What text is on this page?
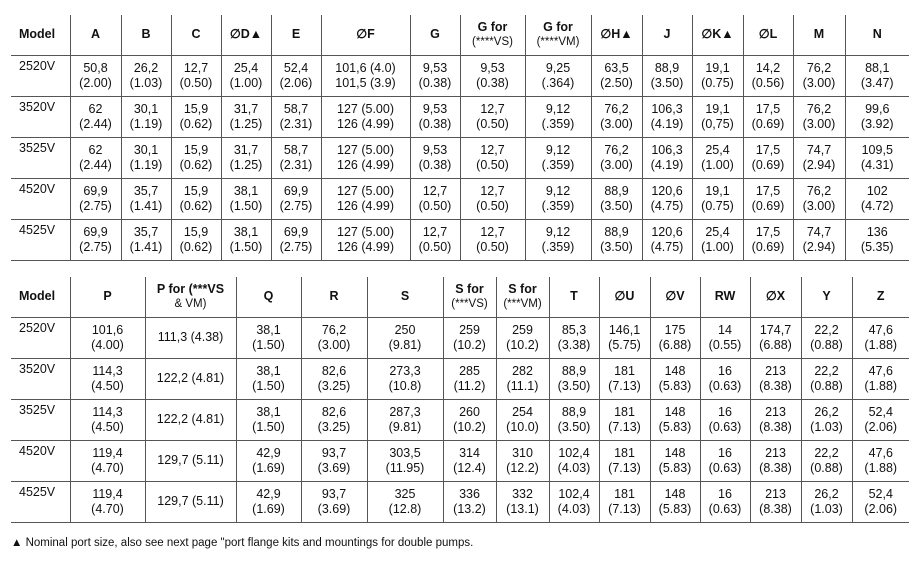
Model	A	B	C	∅D▲	E	∅F	G	G for
(****VS)	G for
(****VM)	∅H▲	J	∅K▲	∅L	M	N

2520V	50,8
(2.00)	26,2
(1.03)	12,7
(0.50)	25,4
(1.00)	52,4
(2.06)	101,6 (4.0)
101,5 (3.9)	9,53
(0.38)	9,53
(0.38)	9,25
(.364)	63,5
(2.50)	88,9
(3.50)	19,1
(0.75)	14,2
(0.56)	76,2
(3.00)	88,1
(3.47)

3520V	62
(2.44)	30,1
(1.19)	15,9
(0.62)	31,7
(1.25)	58,7
(2.31)	127 (5.00)
126 (4.99)	9,53
(0.38)	12,7
(0.50)	9,12
(.359)	76,2
(3.00)	106,3
(4.19)	19,1
(0,75)	17,5
(0.69)	76,2
(3.00)	99,6
(3.92)

3525V	62
(2.44)	30,1
(1.19)	15,9
(0.62)	31,7
(1.25)	58,7
(2.31)	127 (5.00)
126 (4.99)	9,53
(0.38)	12,7
(0.50)	9,12
(.359)	76,2
(3.00)	106,3
(4.19)	25,4
(1.00)	17,5
(0.69)	74,7
(2.94)	109,5
(4.31)

4520V	69,9
(2.75)	35,7
(1.41)	15,9
(0.62)	38,1
(1.50)	69,9
(2.75)	127 (5.00)
126 (4.99)	12,7
(0.50)	12,7
(0.50)	9,12
(.359)	88,9
(3.50)	120,6
(4.75)	19,1
(0.75)	17,5
(0.69)	76,2
(3.00)	102
(4.72)

4525V	69,9
(2.75)	35,7
(1.41)	15,9
(0.62)	38,1
(1.50)	69,9
(2.75)	127 (5.00)
126 (4.99)	12,7
(0.50)	12,7
(0.50)	9,12
(.359)	88,9
(3.50)	120,6
(4.75)	25,4
(1.00)	17,5
(0.69)	74,7
(2.94)	136
(5.35)
Model	P	P for (***VS
& VM)	Q	R	S	S for
(***VS)	S for
(***VM)	T	∅U	∅V	RW	∅X	Y	Z

2520V	101,6
(4.00)	111,3 (4.38)	38,1
(1.50)	76,2
(3.00)	250
(9.81)	259
(10.2)	259
(10.2)	85,3
(3.38)	146,1
(5.75)	175
(6.88)	14
(0.55)	174,7
(6.88)	22,2
(0.88)	47,6
(1.88)

3520V	114,3
(4.50)	122,2 (4.81)	38,1
(1.50)	82,6
(3.25)	273,3
(10.8)	285
(11.2)	282
(11.1)	88,9
(3.50)	181
(7.13)	148
(5.83)	16
(0.63)	213
(8.38)	22,2
(0.88)	47,6
(1.88)

3525V	114,3
(4.50)	122,2 (4.81)	38,1
(1.50)	82,6
(3.25)	287,3
(9.81)	260
(10.2)	254
(10.0)	88,9
(3.50)	181
(7.13)	148
(5.83)	16
(0.63)	213
(8.38)	26,2
(1.03)	52,4
(2.06)

4520V	119,4
(4.70)	129,7 (5.11)	42,9
(1.69)	93,7
(3.69)	303,5
(11.95)	314
(12.4)	310
(12.2)	102,4
(4.03)	181
(7.13)	148
(5.83)	16
(0.63)	213
(8.38)	22,2
(0.88)	47,6
(1.88)

4525V	119,4
(4.70)	129,7 (5.11)	42,9
(1.69)	93,7
(3.69)	325
(12.8)	336
(13.2)	332
(13.1)	102,4
(4.03)	181
(7.13)	148
(5.83)	16
(0.63)	213
(8.38)	26,2
(1.03)	52,4
(2.06)
▲ Nominal port size, also see next page "port flange kits and mountings for double pumps.
